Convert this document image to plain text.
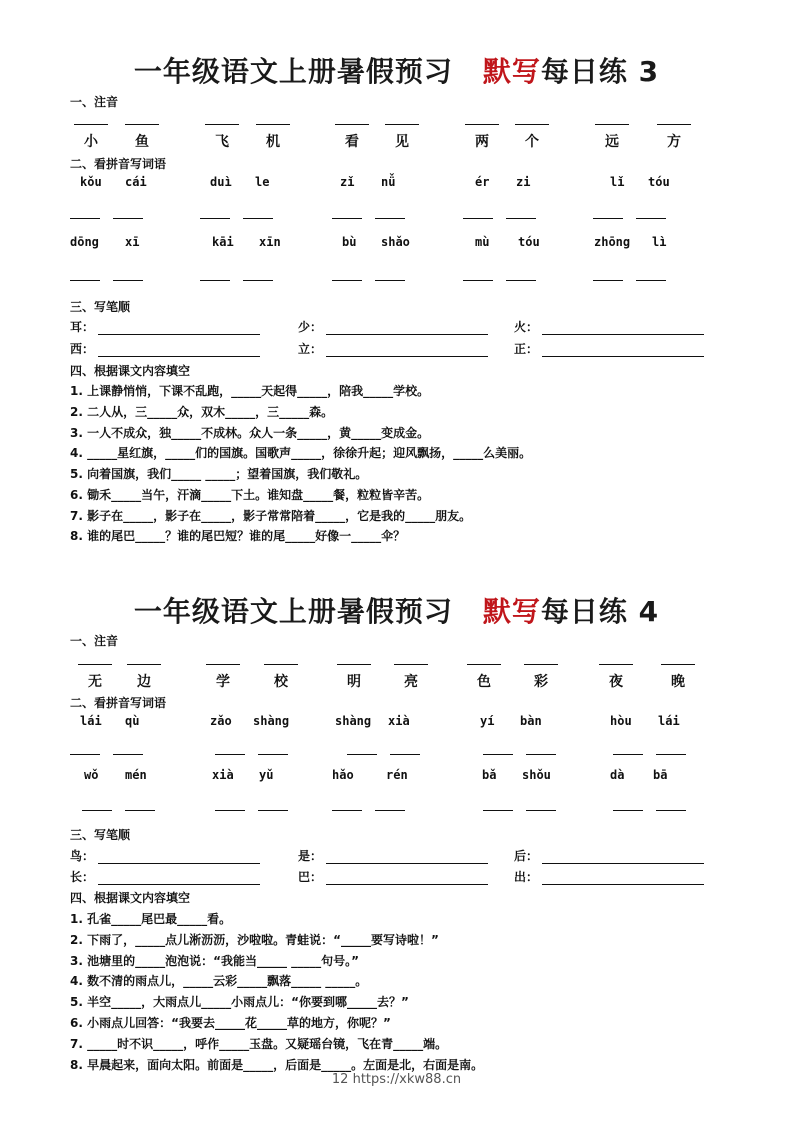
一年级语文上册暑假预习 默写每日练 3
一、注音
小	鱼	飞	机	看	见	两	个	远	方
二、看拼音写词语
kǒu cái	duì le	zǐ nǚ	ér zi	lǐ tóu
dōng xī	kāi xīn	bù shǎo	mù tóu	zhōng lì
三、写笔顺
耳：	少：	火：
西：	立：	正：
四、根据课文内容填空
1. 上课静悄悄，下课不乱跑，_____天起得_____，陪我_____学校。
2. 二人从，三_____众，双木_____，三_____森。
3. 一人不成众，独_____不成林。众人一条_____，黄_____变成金。
4. _____星红旗，_____们的国旗。国歌声_____，徐徐升起；迎风飘扬，_____么美丽。
5. 向着国旗，我们_____ _____；望着国旗，我们敬礼。
6. 锄禾_____当午，汗滴_____下土。谁知盘_____餐，粒粒皆辛苦。
7. 影子在_____，影子在_____，影子常常陪着_____，它是我的_____朋友。
8. 谁的尾巴_____？谁的尾巴短？谁的尾_____好像一_____伞？
一年级语文上册暑假预习 默写每日练 4
一、注音
无	边	学	校	明	亮	色	彩	夜	晚
二、看拼音写词语
lái qù	zǎo shàng	shàng xià	yí bàn	hòu lái
wǒ mén	xià yǔ	hǎo	rén	bǎ shǒu	dà bā
三、写笔顺
鸟：	是：	后：
长：	巴：	出：
四、根据课文内容填空
1. 孔雀_____尾巴最_____看。
2. 下雨了，_____点儿淅沥沥，沙啦啦。青蛙说：“_____要写诗啦！”
3. 池塘里的_____泡泡说：“我能当_____ _____句号。”
4. 数不清的雨点儿，_____云彩_____飘落_____ _____。
5. 半空_____，大雨点儿_____小雨点儿：“你要到哪_____去？”
6. 小雨点儿回答：“我要去_____花_____草的地方，你呢？”
7. _____时不识_____，呼作_____玉盘。又疑瑶台镜，飞在青_____端。
8. 早晨起来，面向太阳。前面是_____，后面是_____。左面是北，右面是南。
12 https://xkw88.cn
